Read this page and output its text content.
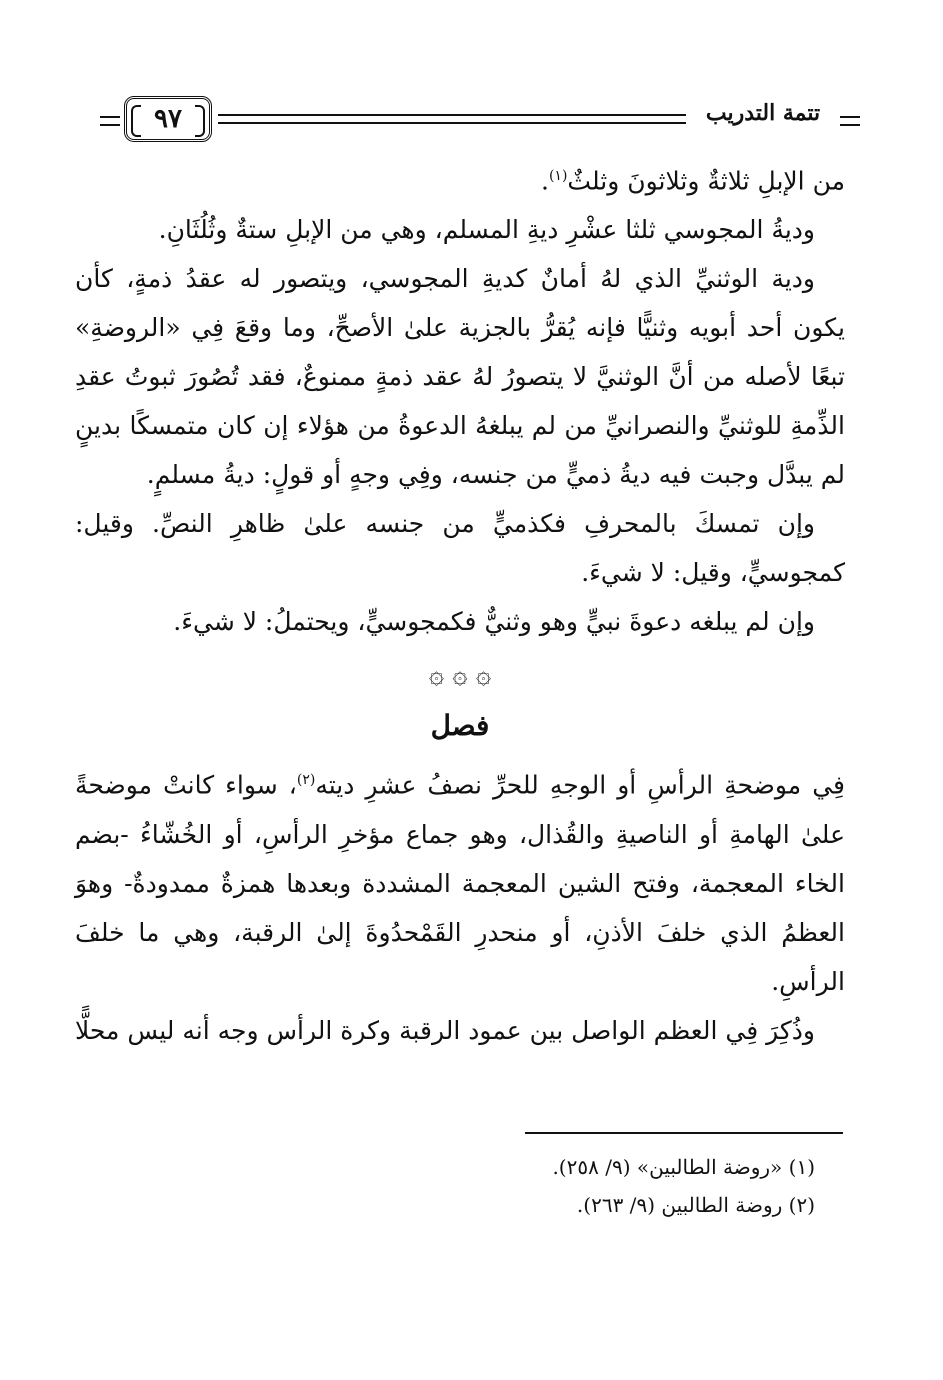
٩٧	تتمة التدريب

من الإبلِ ثلاثةٌ وثلاثونَ وثلثٌ$^{(١)}$.

وديةُ المجوسي ثلثا عشْرِ ديةِ المسلم، وهي من الإبلِ ستةٌ وثُلُثَانِ.

ودية الوثنيِّ الذي لهُ أمانٌ كديةِ المجوسي، ويتصور له عقدُ ذمةٍ، كأن يكون أحد أبويه وثنيًّا فإنه يُقرُّ بالجزية علىٰ الأصحِّ، وما وقعَ فِي «الروضةِ» تبعًا لأصله من أنَّ الوثنيَّ لا يتصورُ لهُ عقد ذمةٍ ممنوعٌ، فقد تُصُورَ ثبوتُ عقدِ الذِّمةِ للوثنيِّ والنصرانيِّ من لم يبلغهُ الدعوةُ من هؤلاء إن كان متمسكًا بدينٍ لم يبدَّل وجبت فيه ديةُ ذميٍّ من جنسه، وفِي وجهٍ أو قولٍ: ديةُ مسلمٍ.

وإن تمسكَ بالمحرفِ فكذميٍّ من جنسه علىٰ ظاهرِ النصِّ. وقيل: كمجوسيٍّ، وقيل: لا شيءَ.

وإن لم يبلغه دعوةَ نبيٍّ وهو وثنيٌّ فكمجوسيٍّ، ويحتملُ: لا شيءَ.

۞ ۞ ۞
فصل

فِي موضحةِ الرأسِ أو الوجهِ للحرِّ نصفُ عشرِ ديته$^{(٢)}$، سواء كانتْ موضحةً علىٰ الهامةِ أو الناصيةِ والقُذال، وهو جماع مؤخرِ الرأسِ، أو الخُشّاءُ -بضم الخاء المعجمة، وفتح الشين المعجمة المشددة وبعدها همزةٌ ممدودةٌ- وهوَ العظمُ الذي خلفَ الأذنِ، أو منحدرِ القَمْحدُوةَ إلىٰ الرقبة، وهي ما خلفَ الرأسِ.

وذُكِرَ فِي العظم الواصل بين عمود الرقبة وكرة الرأس وجه أنه ليس محلًّا

(١) «روضة الطالبين» (٩/ ٢٥٨).

(٢) روضة الطالبين (٩/ ٢٦٣).
